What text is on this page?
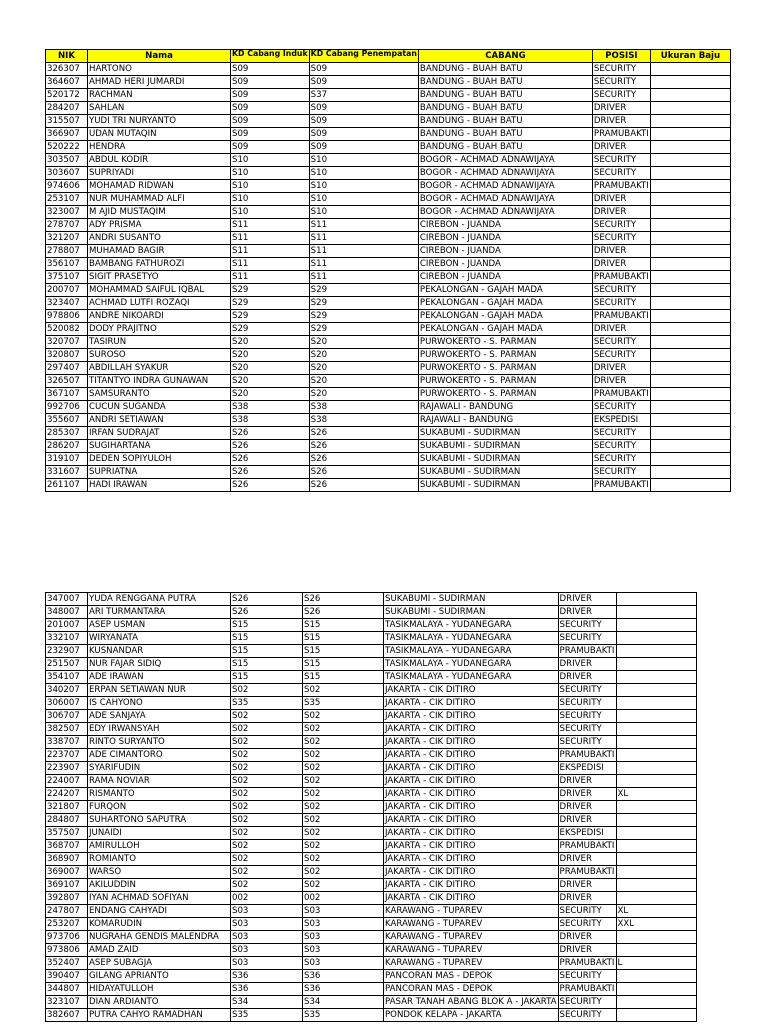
NIK	Nama	KD Cabang Induk	KD Cabang Penempatan	CABANG	POSISI	Ukuran Baju
326307	HARTONO	S09	S09	BANDUNG - BUAH BATU	SECURITY	
364607	AHMAD HERI JUMARDI	S09	S09	BANDUNG - BUAH BATU	SECURITY	
520172	RACHMAN	S09	S37	BANDUNG - BUAH BATU	SECURITY	
284207	SAHLAN	S09	S09	BANDUNG - BUAH BATU	DRIVER	
315507	YUDI TRI NURYANTO	S09	S09	BANDUNG - BUAH BATU	DRIVER	
366907	UDAN MUTAQIN	S09	S09	BANDUNG - BUAH BATU	PRAMUBAKTI	
520222	HENDRA	S09	S09	BANDUNG - BUAH BATU	DRIVER	
303507	ABDUL KODIR	S10	S10	BOGOR - ACHMAD ADNAWIJAYA	SECURITY	
303607	SUPRIYADI	S10	S10	BOGOR - ACHMAD ADNAWIJAYA	SECURITY	
974606	MOHAMAD RIDWAN	S10	S10	BOGOR - ACHMAD ADNAWIJAYA	PRAMUBAKTI	
253107	NUR MUHAMMAD ALFI	S10	S10	BOGOR - ACHMAD ADNAWIJAYA	DRIVER	
323007	M AJID MUSTAQIM	S10	S10	BOGOR - ACHMAD ADNAWIJAYA	DRIVER	
278707	ADY PRISMA	S11	S11	CIREBON - JUANDA	SECURITY	
321207	ANDRI SUSANTO	S11	S11	CIREBON - JUANDA	SECURITY	
278807	MUHAMAD BAGIR	S11	S11	CIREBON - JUANDA	DRIVER	
356107	BAMBANG FATHUROZI	S11	S11	CIREBON - JUANDA	DRIVER	
375107	SIGIT PRASETYO	S11	S11	CIREBON - JUANDA	PRAMUBAKTI	
200707	MOHAMMAD SAIFUL IQBAL	S29	S29	PEKALONGAN - GAJAH MADA	SECURITY	
323407	ACHMAD LUTFI ROZAQI	S29	S29	PEKALONGAN - GAJAH MADA	SECURITY	
978806	ANDRE NIKOARDI	S29	S29	PEKALONGAN - GAJAH MADA	PRAMUBAKTI	
520082	DODY PRAJITNO	S29	S29	PEKALONGAN - GAJAH MADA	DRIVER	
320707	TASIRUN	S20	S20	PURWOKERTO - S. PARMAN	SECURITY	
320807	SUROSO	S20	S20	PURWOKERTO - S. PARMAN	SECURITY	
297407	ABDILLAH SYAKUR	S20	S20	PURWOKERTO - S. PARMAN	DRIVER	
326507	TITANTYO INDRA GUNAWAN	S20	S20	PURWOKERTO - S. PARMAN	DRIVER	
367107	SAMSURANTO	S20	S20	PURWOKERTO - S. PARMAN	PRAMUBAKTI	
992706	CUCUN SUGANDA	S38	S38	RAJAWALI - BANDUNG	SECURITY	
355607	ANDRI SETIAWAN	S38	S38	RAJAWALI - BANDUNG	EKSPEDISI	
285307	IRFAN SUDRAJAT	S26	S26	SUKABUMI - SUDIRMAN	SECURITY	
286207	SUGIHARTANA	S26	S26	SUKABUMI - SUDIRMAN	SECURITY	
319107	DEDEN SOPIYULOH	S26	S26	SUKABUMI - SUDIRMAN	SECURITY	
331607	SUPRIATNA	S26	S26	SUKABUMI - SUDIRMAN	SECURITY	
261107	HADI IRAWAN	S26	S26	SUKABUMI - SUDIRMAN	PRAMUBAKTI	
347007	YUDA RENGGANA PUTRA	S26	S26	SUKABUMI - SUDIRMAN	DRIVER	
348007	ARI TURMANTARA	S26	S26	SUKABUMI - SUDIRMAN	DRIVER	
201007	ASEP USMAN	S15	S15	TASIKMALAYA - YUDANEGARA	SECURITY	
332107	WIRYANATA	S15	S15	TASIKMALAYA - YUDANEGARA	SECURITY	
232907	KUSNANDAR	S15	S15	TASIKMALAYA - YUDANEGARA	PRAMUBAKTI	
251507	NUR FAJAR SIDIQ	S15	S15	TASIKMALAYA - YUDANEGARA	DRIVER	
354107	ADE IRAWAN	S15	S15	TASIKMALAYA - YUDANEGARA	DRIVER	
340207	ERPAN SETIAWAN NUR	S02	S02	JAKARTA - CIK DITIRO	SECURITY	
306007	IS CAHYONO	S35	S35	JAKARTA - CIK DITIRO	SECURITY	
306707	ADE SANJAYA	S02	S02	JAKARTA - CIK DITIRO	SECURITY	
382507	EDY IRWANSYAH	S02	S02	JAKARTA - CIK DITIRO	SECURITY	
338707	RINTO SURYANTO	S02	S02	JAKARTA - CIK DITIRO	SECURITY	
223707	ADE CIMANTORO	S02	S02	JAKARTA - CIK DITIRO	PRAMUBAKTI	
223907	SYARIFUDIN	S02	S02	JAKARTA - CIK DITIRO	EKSPEDISI	
224007	RAMA NOVIAR	S02	S02	JAKARTA - CIK DITIRO	DRIVER	
224207	RISMANTO	S02	S02	JAKARTA - CIK DITIRO	DRIVER	XL
321807	FURQON	S02	S02	JAKARTA - CIK DITIRO	DRIVER	
284807	SUHARTONO SAPUTRA	S02	S02	JAKARTA - CIK DITIRO	DRIVER	
357507	JUNAIDI	S02	S02	JAKARTA - CIK DITIRO	EKSPEDISI	
368707	AMIRULLOH	S02	S02	JAKARTA - CIK DITIRO	PRAMUBAKTI	
368907	ROMIANTO	S02	S02	JAKARTA - CIK DITIRO	DRIVER	
369007	WARSO	S02	S02	JAKARTA - CIK DITIRO	PRAMUBAKTI	
369107	AKILUDDIN	S02	S02	JAKARTA - CIK DITIRO	DRIVER	
392807	IYAN ACHMAD SOFIYAN	002	002	JAKARTA - CIK DITIRO	DRIVER	
247807	ENDANG CAHYADI	S03	S03	KARAWANG - TUPAREV	SECURITY	XL
253207	KOMARUDIN	S03	S03	KARAWANG - TUPAREV	SECURITY	XXL
973706	NUGRAHA GENDIS MALENDRA	S03	S03	KARAWANG - TUPAREV	DRIVER	
973806	AMAD ZAID	S03	S03	KARAWANG - TUPAREV	DRIVER	
352407	ASEP SUBAGJA	S03	S03	KARAWANG - TUPAREV	PRAMUBAKTI	L
390407	GILANG APRIANTO	S36	S36	PANCORAN MAS - DEPOK	SECURITY	
344807	HIDAYATULLOH	S36	S36	PANCORAN MAS - DEPOK	PRAMUBAKTI	
323107	DIAN ARDIANTO	S34	S34	PASAR TANAH ABANG BLOK A - JAKARTA	SECURITY	
382607	PUTRA CAHYO RAMADHAN	S35	S35	PONDOK KELAPA - JAKARTA	SECURITY	
